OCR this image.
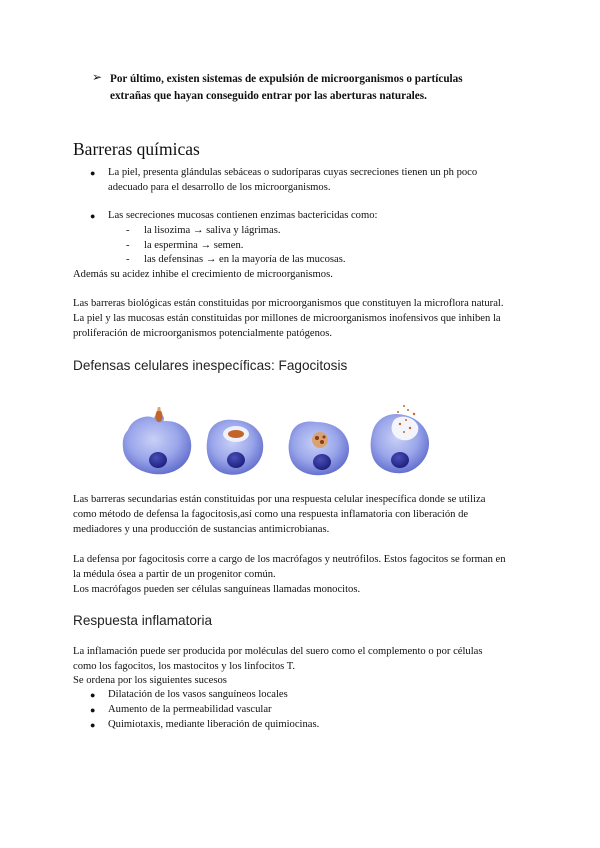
➢ Por último, existen sistemas de expulsión de microorganismos o partículas
extrañas que hayan conseguido entrar por las aberturas naturales.
Barreras químicas
● La piel, presenta glándulas sebáceas o sudoríparas cuyas secreciones tienen un ph poco
adecuado para el desarrollo de los microorganismos.
● Las secreciones mucosas contienen enzimas bactericidas como:
- la lisozima → saliva y lágrimas.
- la espermina → semen.
- las defensinas → en la mayoría de las mucosas.
Además su acidez inhibe el crecimiento de microorganismos.
Las barreras biológicas están constituidas por microorganismos que constituyen la microflora natural.
La piel y las mucosas están constituidas por millones de microorganismos inofensivos que inhiben la
proliferación de microorganismos potencialmente patógenos.
Defensas celulares inespecíficas: Fagocitosis
Las barreras secundarias están constituidas por una respuesta celular inespecífica donde se utiliza
como método de defensa la fagocitosis,así como una respuesta inflamatoria con liberación de
mediadores y una producción de sustancias antimicrobianas.
La defensa por fagocitosis corre a cargo de los macrófagos y neutrófilos. Estos fagocitos se forman en
la médula ósea a partir de un progenitor común.
Los macrófagos pueden ser células sanguíneas llamadas monocitos.
Respuesta inflamatoria
La inflamación puede ser producida por moléculas del suero como el complemento o por células
como los fagocitos, los mastocitos y los linfocitos T.
Se ordena por los siguientes sucesos
● Dilatación de los vasos sanguíneos locales
● Aumento de la permeabilidad vascular
● Quimiotaxis, mediante liberación de quimiocinas.
